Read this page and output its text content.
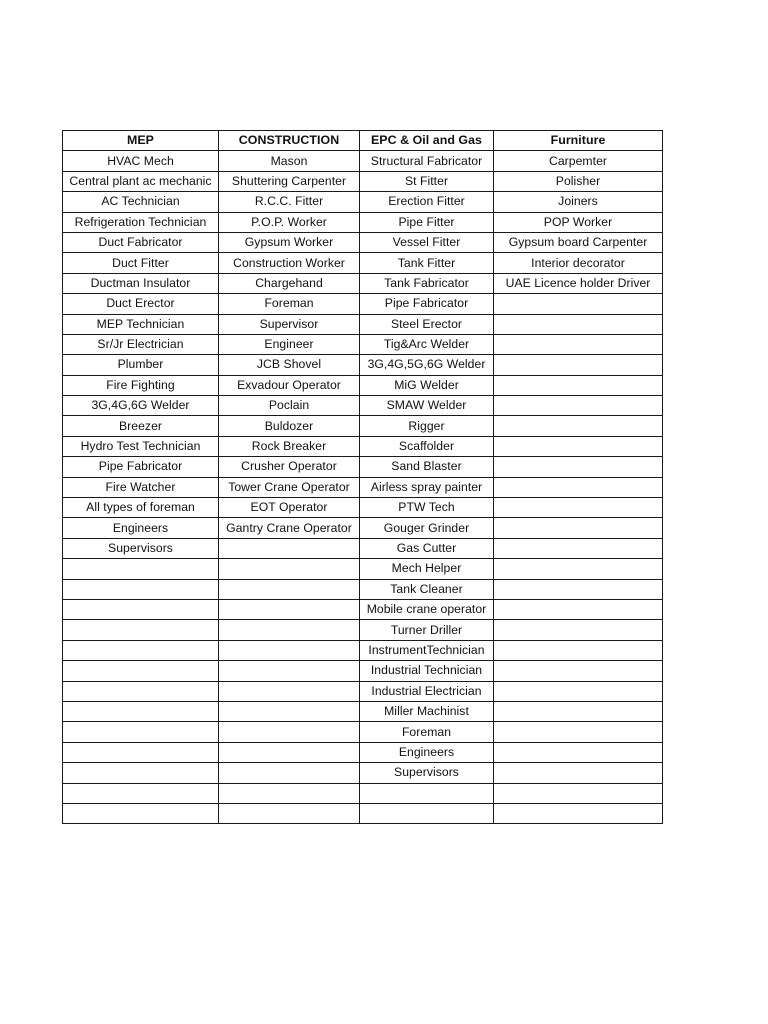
MEP	CONSTRUCTION	EPC & Oil and Gas	Furniture
HVAC Mech	Mason	Structural Fabricator	Carpemter
Central plant ac mechanic	Shuttering Carpenter	St Fitter	Polisher
AC Technician	R.C.C. Fitter	Erection Fitter	Joiners
Refrigeration Technician	P.O.P. Worker	Pipe Fitter	POP Worker
Duct Fabricator	Gypsum Worker	Vessel Fitter	Gypsum board Carpenter
Duct Fitter	Construction Worker	Tank Fitter	Interior decorator
Ductman Insulator	Chargehand	Tank Fabricator	UAE Licence holder Driver
Duct Erector	Foreman	Pipe Fabricator	
MEP Technician	Supervisor	Steel Erector	
Sr/Jr Electrician	Engineer	Tig&Arc Welder	
Plumber	JCB Shovel	3G,4G,5G,6G Welder	
Fire Fighting	Exvadour Operator	MiG Welder	
3G,4G,6G Welder	Poclain	SMAW Welder	
Breezer	Buldozer	Rigger	
Hydro Test Technician	Rock Breaker	Scaffolder	
Pipe Fabricator	Crusher Operator	Sand Blaster	
Fire Watcher	Tower Crane Operator	Airless spray painter	
All types of foreman	EOT Operator	PTW Tech	
Engineers	Gantry Crane Operator	Gouger Grinder	
Supervisors		Gas Cutter	
		Mech Helper	
		Tank Cleaner	
		Mobile crane operator	
		Turner Driller	
		InstrumentTechnician	
		Industrial Technician	
		Industrial Electrician	
		Miller Machinist	
		Foreman	
		Engineers	
		Supervisors	
